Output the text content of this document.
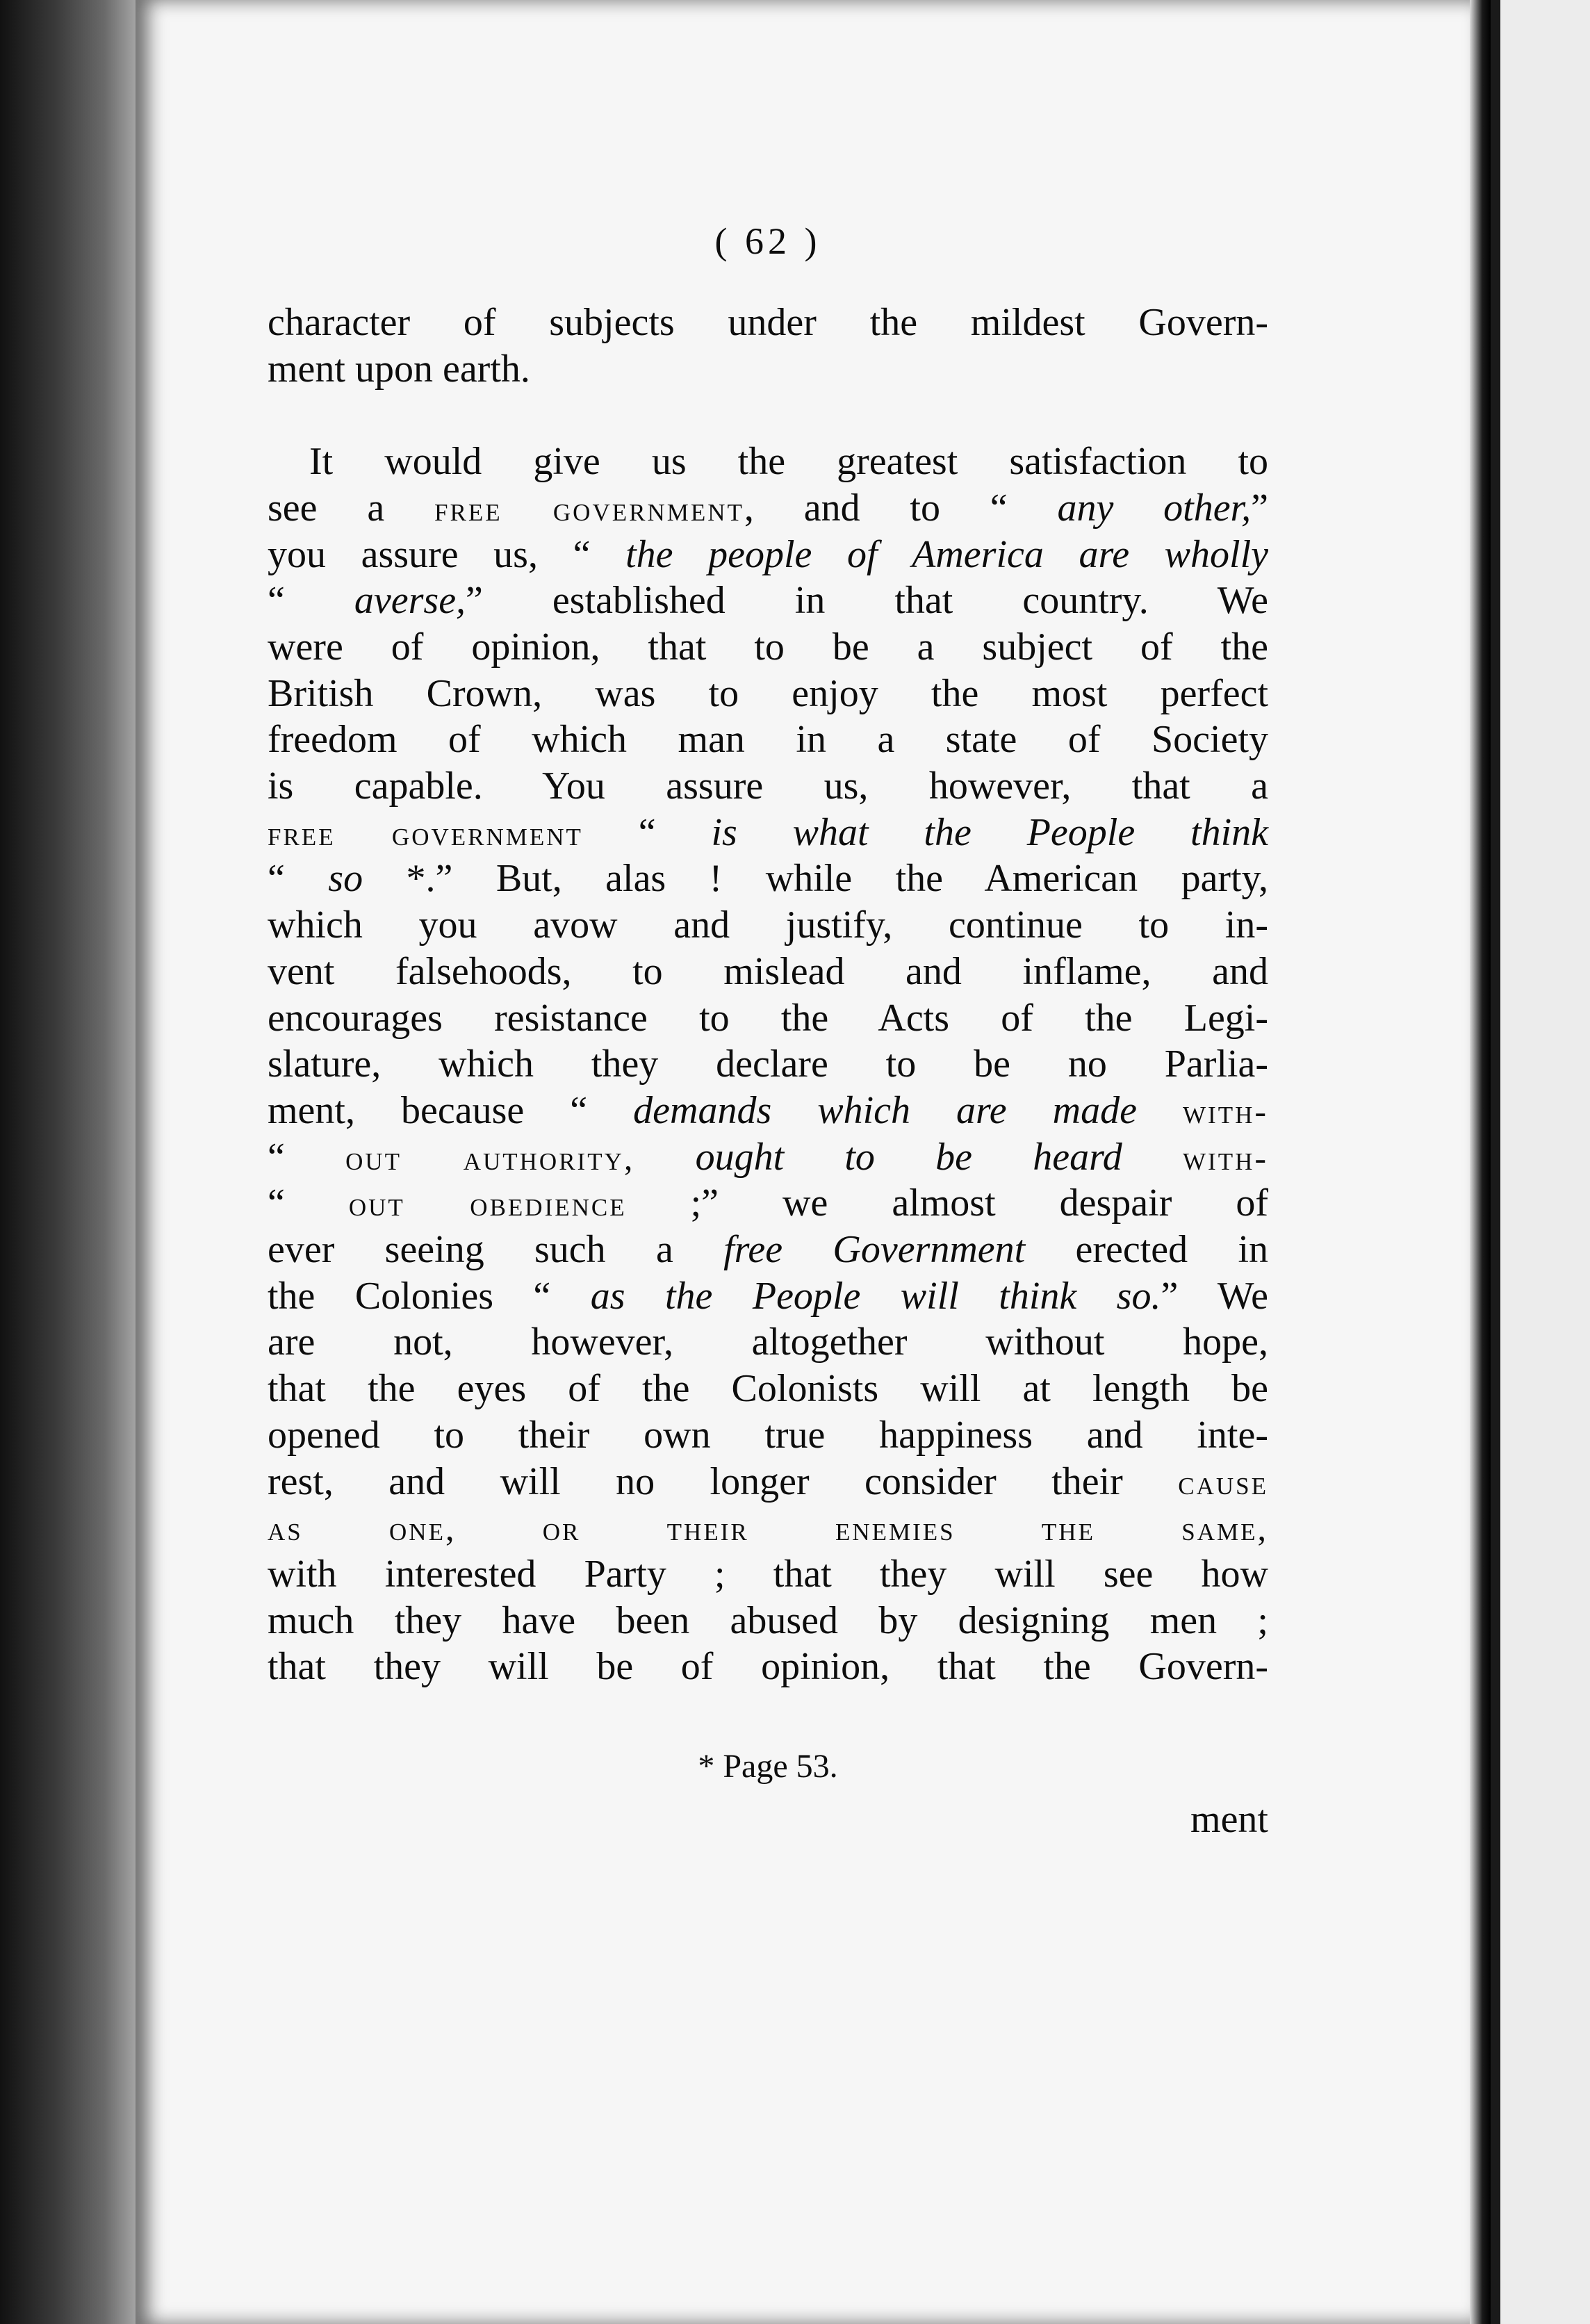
( 62 )
character of subjects under the mildest Govern-
ment upon earth.
It would give us the greatest satisfaction to
see a free government, and to “ any other,”
you assure us, “ the people of America are wholly
“ averse,” established in that country. We
were of opinion, that to be a subject of the
British Crown, was to enjoy the most perfect
freedom of which man in a state of Society
is capable. You assure us, however, that a
free government “ is what the People think
“ so *.” But, alas ! while the American party,
which you avow and justify, continue to in-
vent falsehoods, to mislead and inflame, and
encourages resistance to the Acts of the Legi-
slature, which they declare to be no Parlia-
ment, because “ demands which are made with-
“ out authority, ought to be heard with-
“ out obedience ;” we almost despair of
ever seeing such a free Government erected in
the Colonies “ as the People will think so.” We
are not, however, altogether without hope,
that the eyes of the Colonists will at length be
opened to their own true happiness and inte-
rest, and will no longer consider their cause
as one, or their enemies the same,
with interested Party ; that they will see how
much they have been abused by designing men ;
that they will be of opinion, that the Govern-
* Page 53.
ment
